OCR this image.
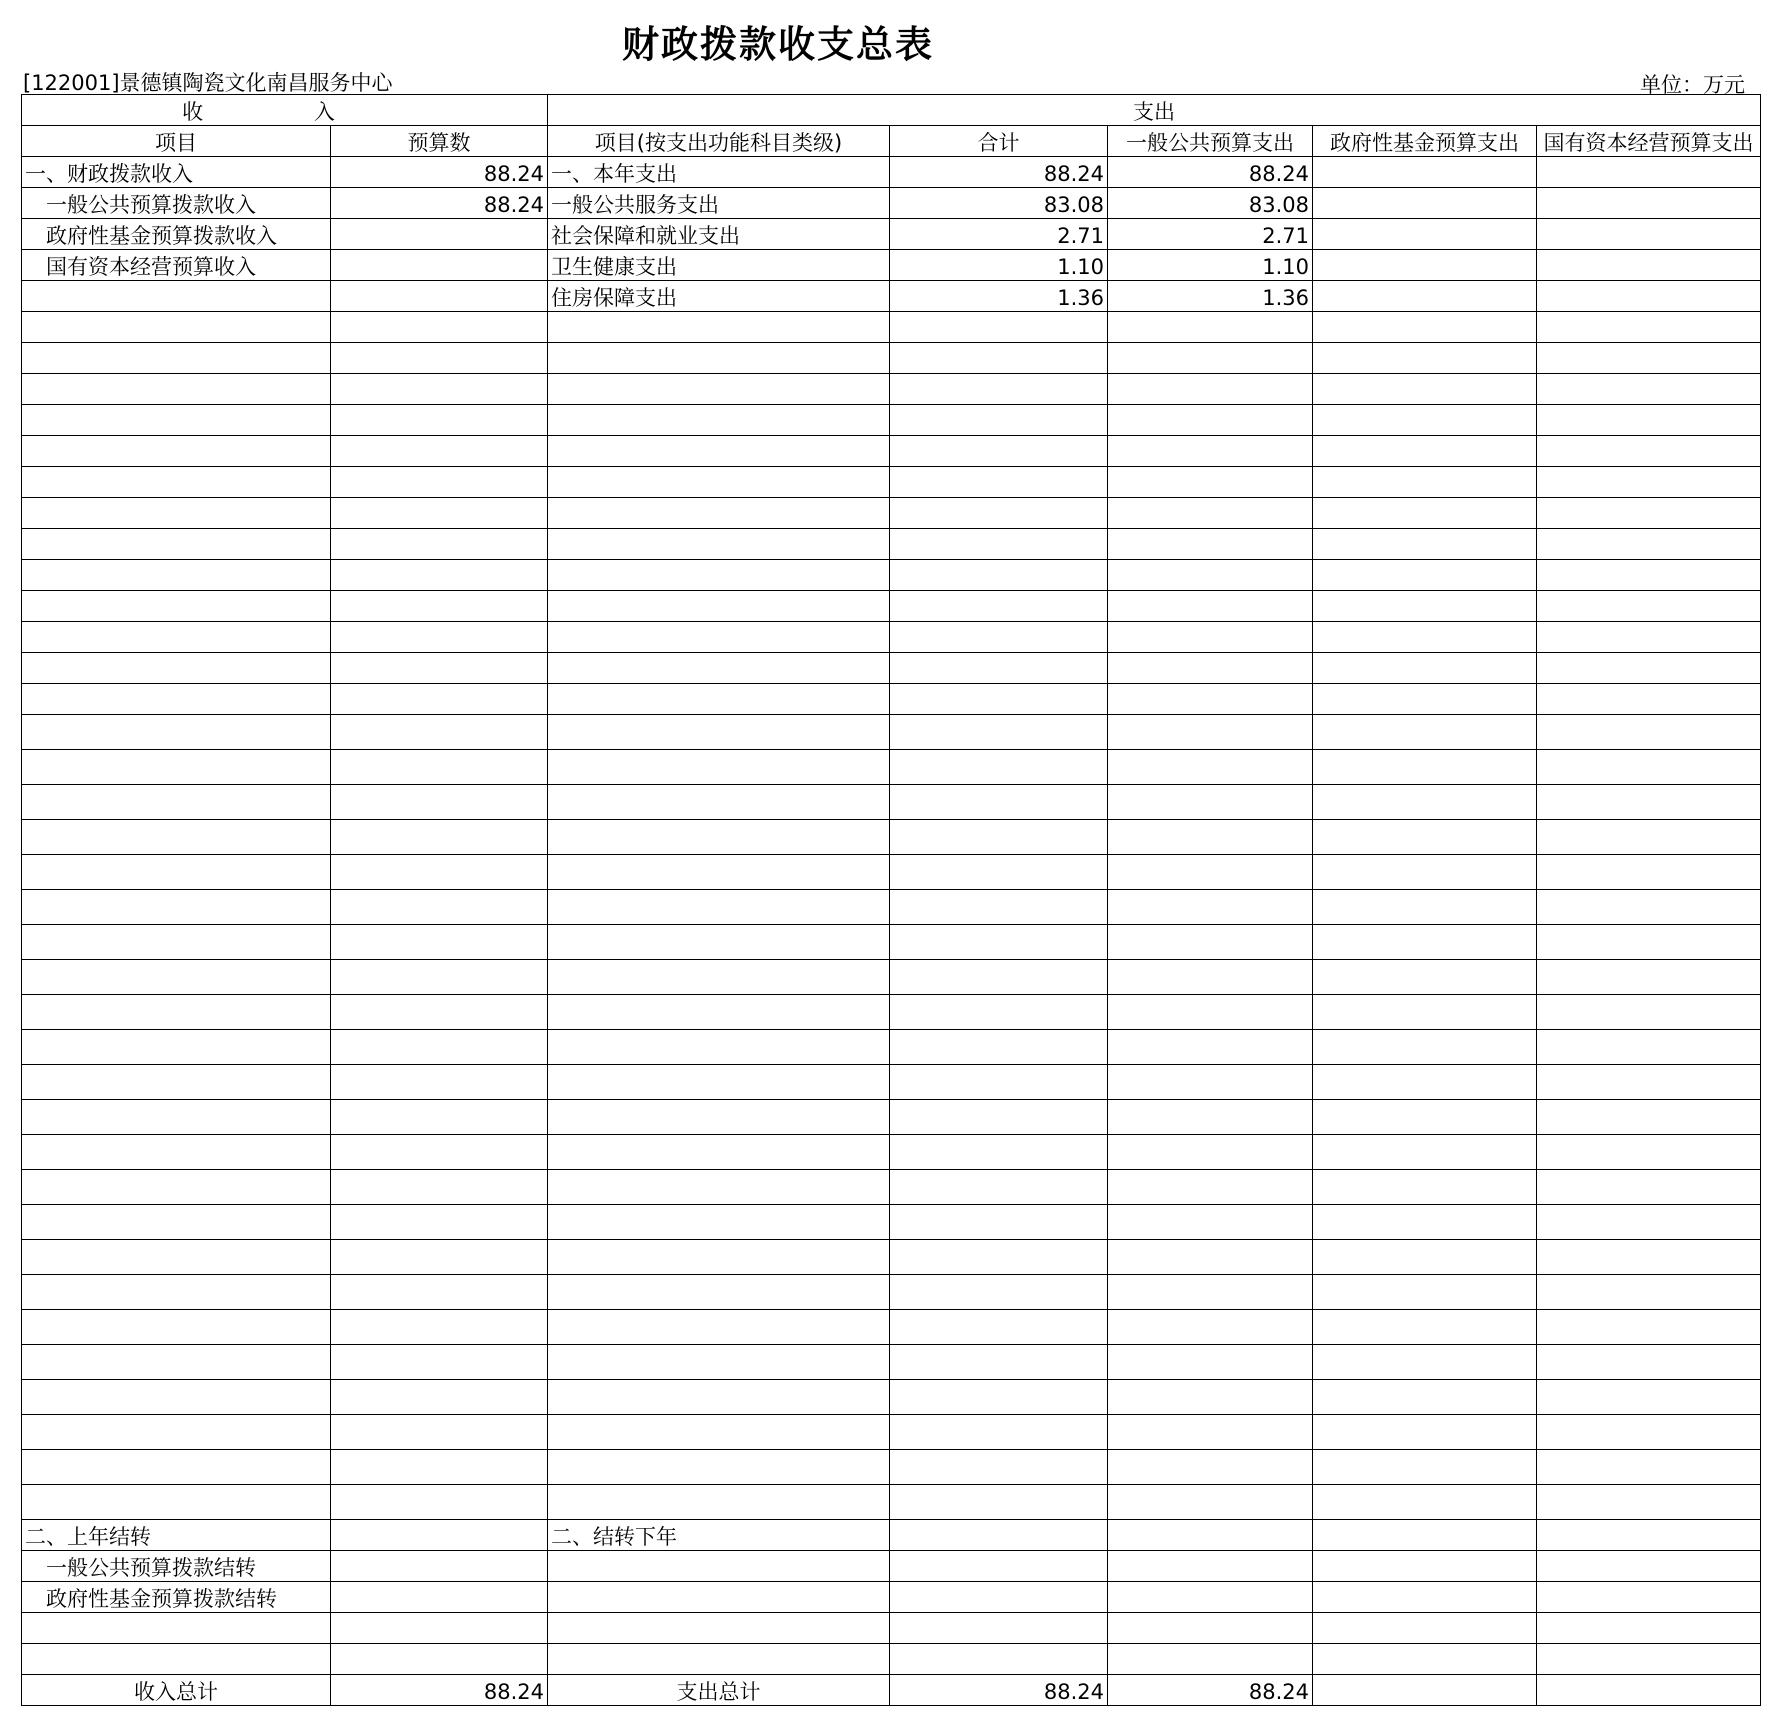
财政拨款收支总表
[122001]景德镇陶瓷文化南昌服务中心	单位：万元
收 入		支出				
项目	预算数	项目(按支出功能科目类级)	合计	一般公共预算支出	政府性基金预算支出	国有资本经营预算支出
一、财政拨款收入	88.24	一、本年支出	88.24	88.24		
一般公共预算拨款收入	88.24	一般公共服务支出	83.08	83.08		
政府性基金预算拨款收入		社会保障和就业支出	2.71	2.71		
国有资本经营预算收入		卫生健康支出	1.10	1.10		
		住房保障支出	1.36	1.36		

二、上年结转		二、结转下年				
一般公共预算拨款结转						
政府性基金预算拨款结转						

收入总计	88.24	支出总计	88.24	88.24		
